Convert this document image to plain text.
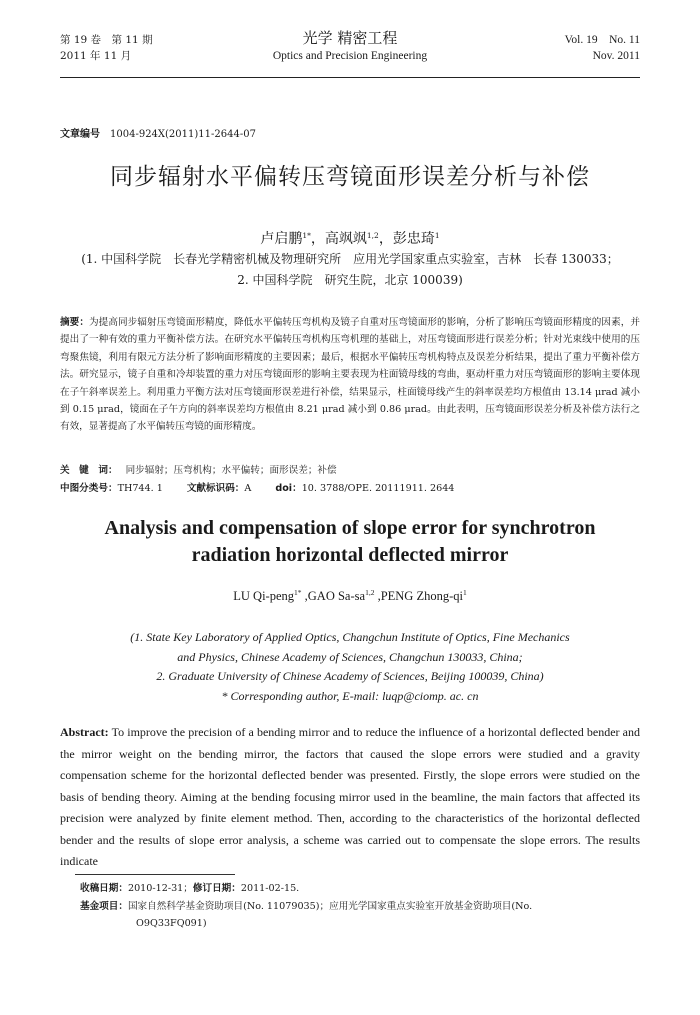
第 19 卷　第 11 期
2011 年 11 月
光学 精密工程
Optics and Precision Engineering
Vol. 19　No. 11
Nov. 2011
文章编号 1004-924X(2011)11-2644-07
同步辐射水平偏转压弯镜面形误差分析与补偿
卢启鹏$^{1*}$，高飒飒$^{1,2}$，彭忠琦$^1$
(1. 中国科学院　长春光学精密机械及物理研究所　应用光学国家重点实验室，吉林　长春 130033；
2. 中国科学院　研究生院，北京 100039)
摘要：为提高同步辐射压弯镜面形精度，降低水平偏转压弯机构及镜子自重对压弯镜面形的影响，分析了影响压弯镜面形精度的因素，并提出了一种有效的重力平衡补偿方法。在研究水平偏转压弯机构压弯机理的基础上，对压弯镜面形进行误差分析；针对光束线中使用的压弯聚焦镜，利用有限元方法分析了影响面形精度的主要因素；最后，根据水平偏转压弯机构特点及误差分析结果，提出了重力平衡补偿方法。研究显示，镜子自重和冷却装置的重力对压弯镜面形的影响主要表现为柱面镜母线的弯曲，驱动杆重力对压弯镜面形的影响主要体现在子午斜率误差上。利用重力平衡方法对压弯镜面形误差进行补偿，结果显示，柱面镜母线产生的斜率误差均方根值由 13.14 μrad 减小到 0.15 μrad，镜面在子午方向的斜率误差均方根值由 8.21 μrad 减小到 0.86 μrad。由此表明，压弯镜面形误差分析及补偿方法行之有效，显著提高了水平偏转压弯镜的面形精度。
关　键　词： 同步辐射；压弯机构；水平偏转；面形误差；补偿
中图分类号：TH744. 1	文献标识码：A	doi：10. 3788/OPE. 20111911. 2644
Analysis and compensation of slope error for synchrotron
radiation horizontal deflected mirror
LU Qi-peng$^{1*}$ ,GAO Sa-sa$^{1,2}$ ,PENG Zhong-$qi^1$
(1. State Key Laboratory of Applied Optics, Changchun Institute of Optics, Fine Mechanics
and Physics, Chinese Academy of Sciences, Changchun 130033, China;
2. Graduate University of Chinese Academy of Sciences, Beijing 100039, China)
* Corresponding author, E-mail: luqp@ciomp. ac. cn
Abstract: To improve the precision of a bending mirror and to reduce the influence of a horizontal deflected bender and the mirror weight on the bending mirror, the factors that caused the slope errors were studied and a gravity compensation scheme for the horizontal deflected bender was presented. Firstly, the slope errors were studied on the basis of bending theory. Aiming at the bending focusing mirror used in the beamline, the main factors that affected its precision were analyzed by finite element method. Then, according to the characteristics of the horizontal deflected bender and the results of slope error analysis, a scheme was carried out to compensate the slope errors. The results indicate
收稿日期：2010-12-31；修订日期：2011-02-15.
基金项目：国家自然科学基金资助项目(No. 11079035)；应用光学国家重点实验室开放基金资助项目(No.
O9Q33FQ091)
